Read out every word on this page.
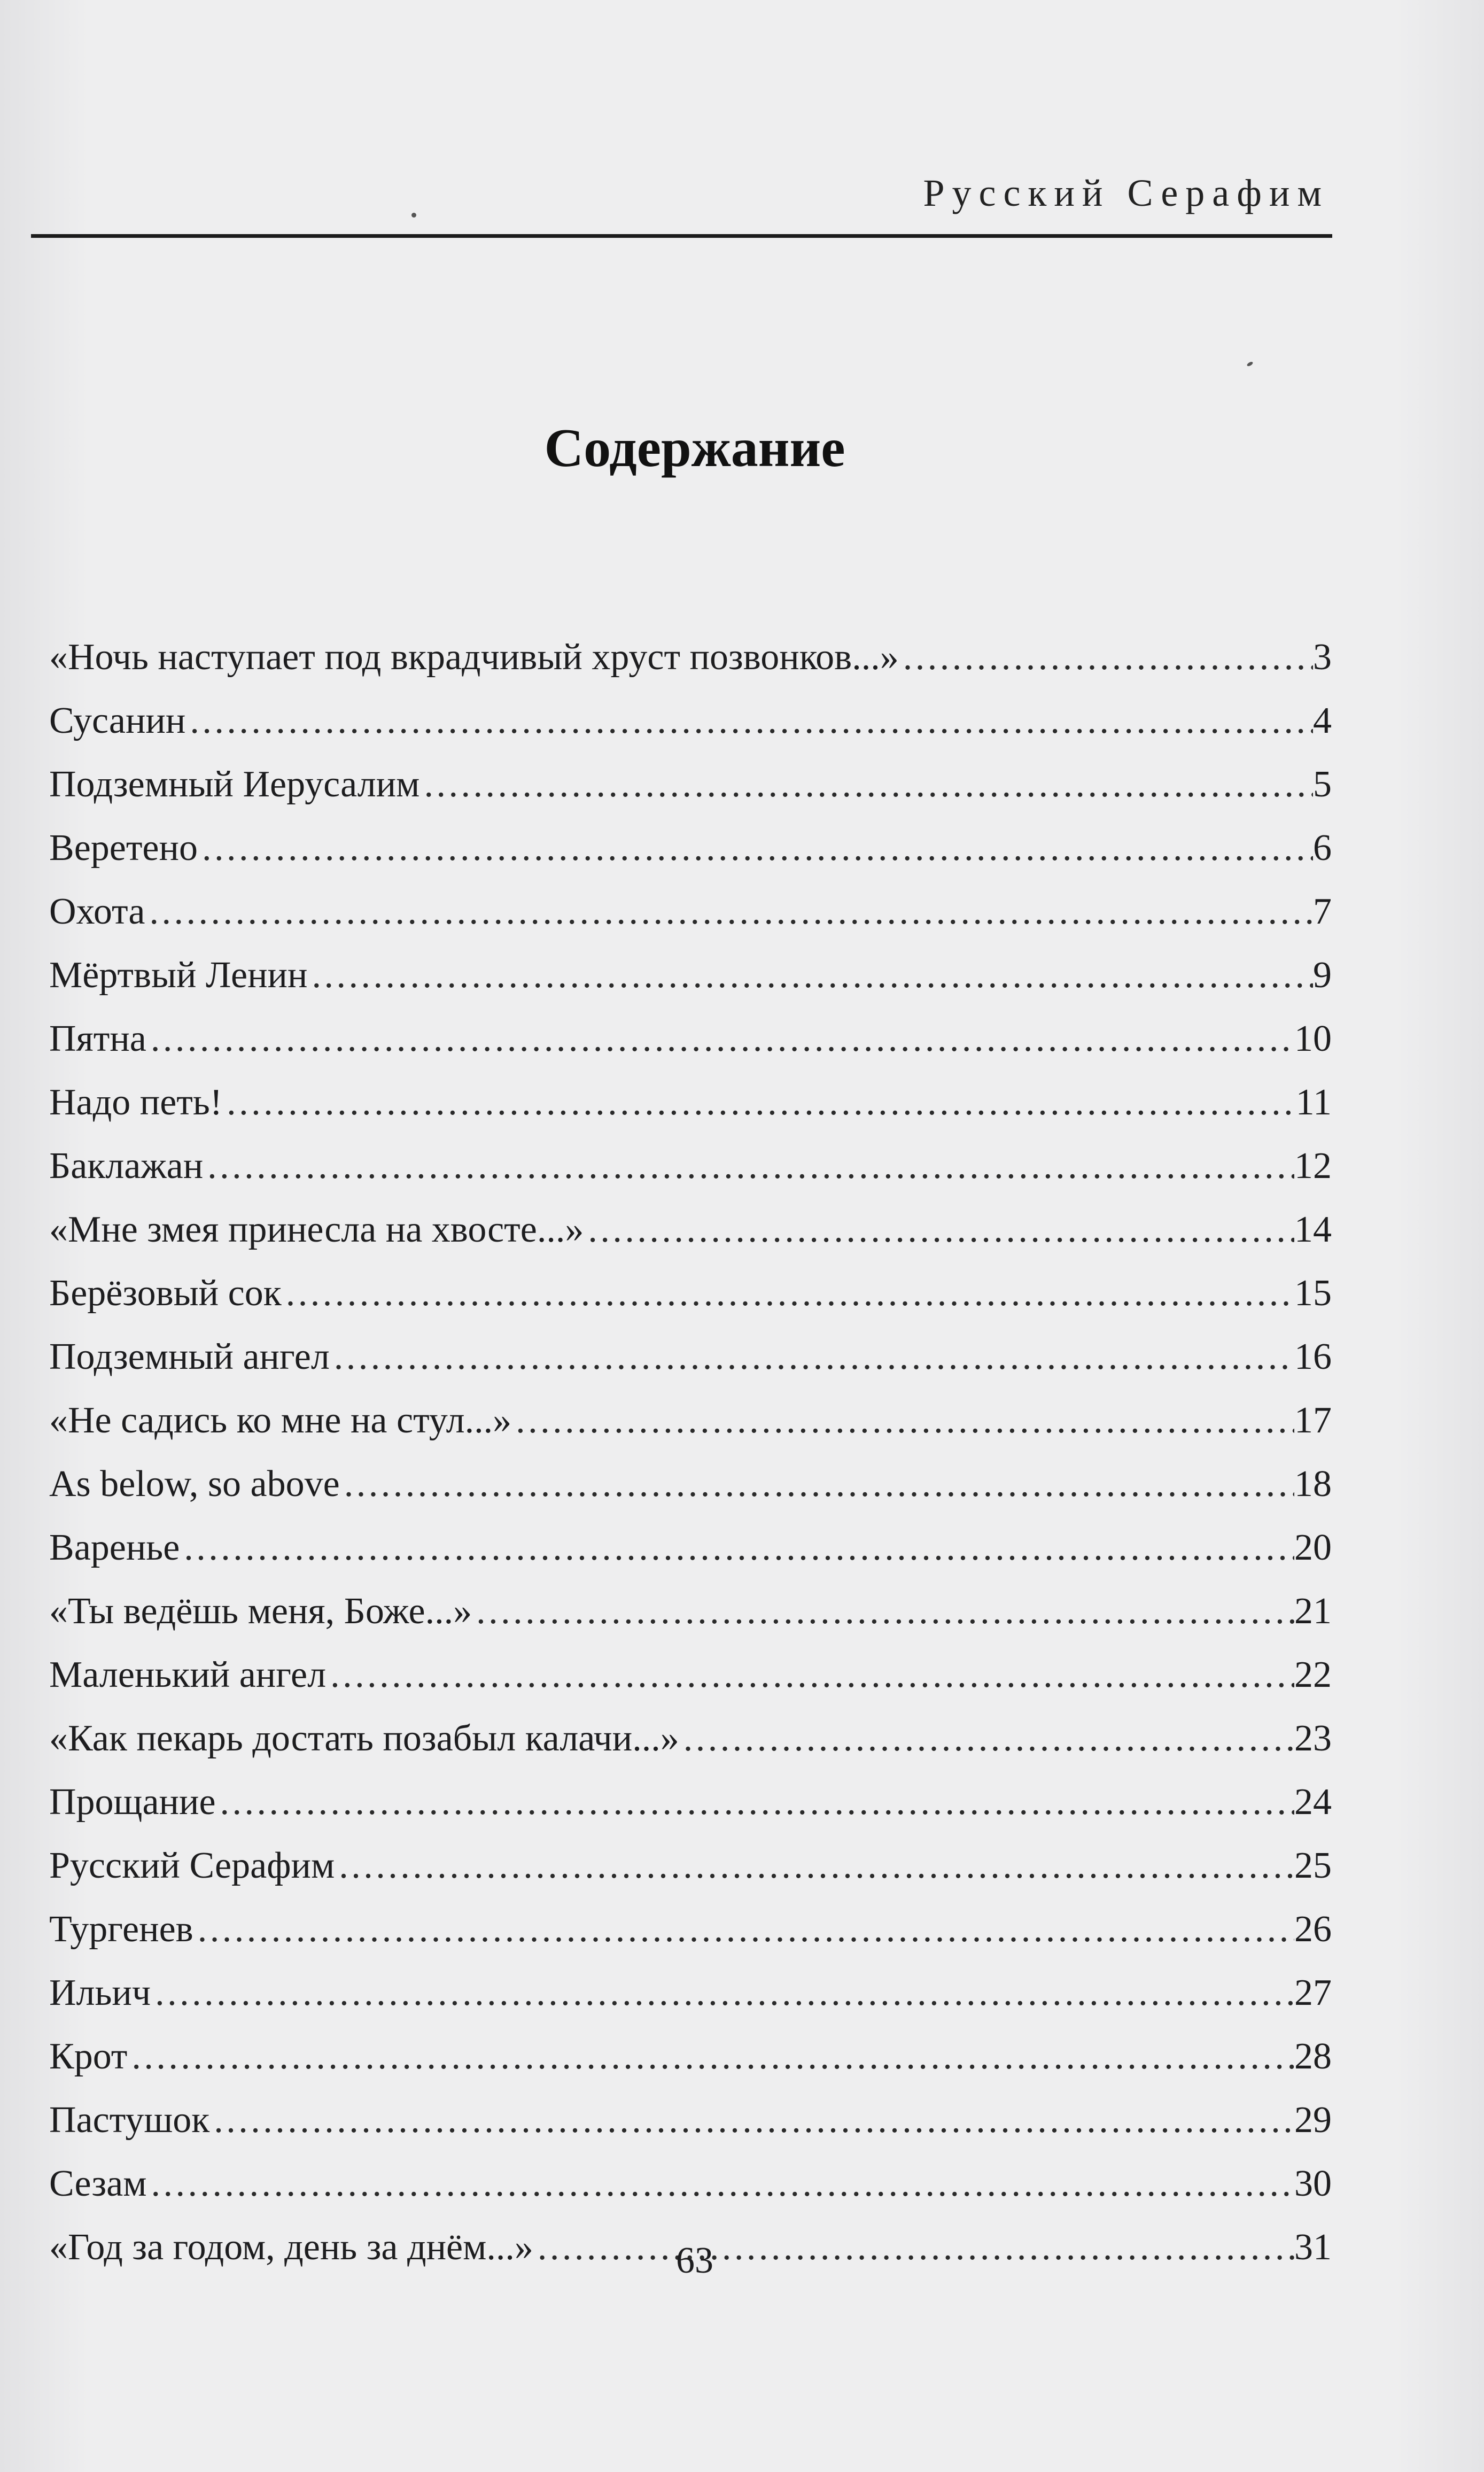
Русский Серафим
Содержание
«Ночь наступает под вкрадчивый хруст позвонков...» . . .	3
Сусанин . . .	4
Подземный Иерусалим . . .	5
Веретено . . .	6
Охота . . .	7
Мёртвый Ленин . . .	9
Пятна . . .	10
Надо петь! . . .	11
Баклажан . . .	12
«Мне змея принесла на хвосте...» . . .	14
Берёзовый сок . . .	15
Подземный ангел . . .	16
«Не садись ко мне на стул...» . . .	17
As below, so above . . .	18
Варенье . . .	20
«Ты ведёшь меня, Боже...» . . .	21
Маленький ангел . . .	22
«Как пекарь достать позабыл калачи...» . . .	23
Прощание . . .	24
Русский Серафим . . .	25
Тургенев . . .	26
Ильич . . .	27
Крот . . .	28
Пастушок . . .	29
Сезам . . .	30
«Год за годом, день за днём...» . . .	31
63
